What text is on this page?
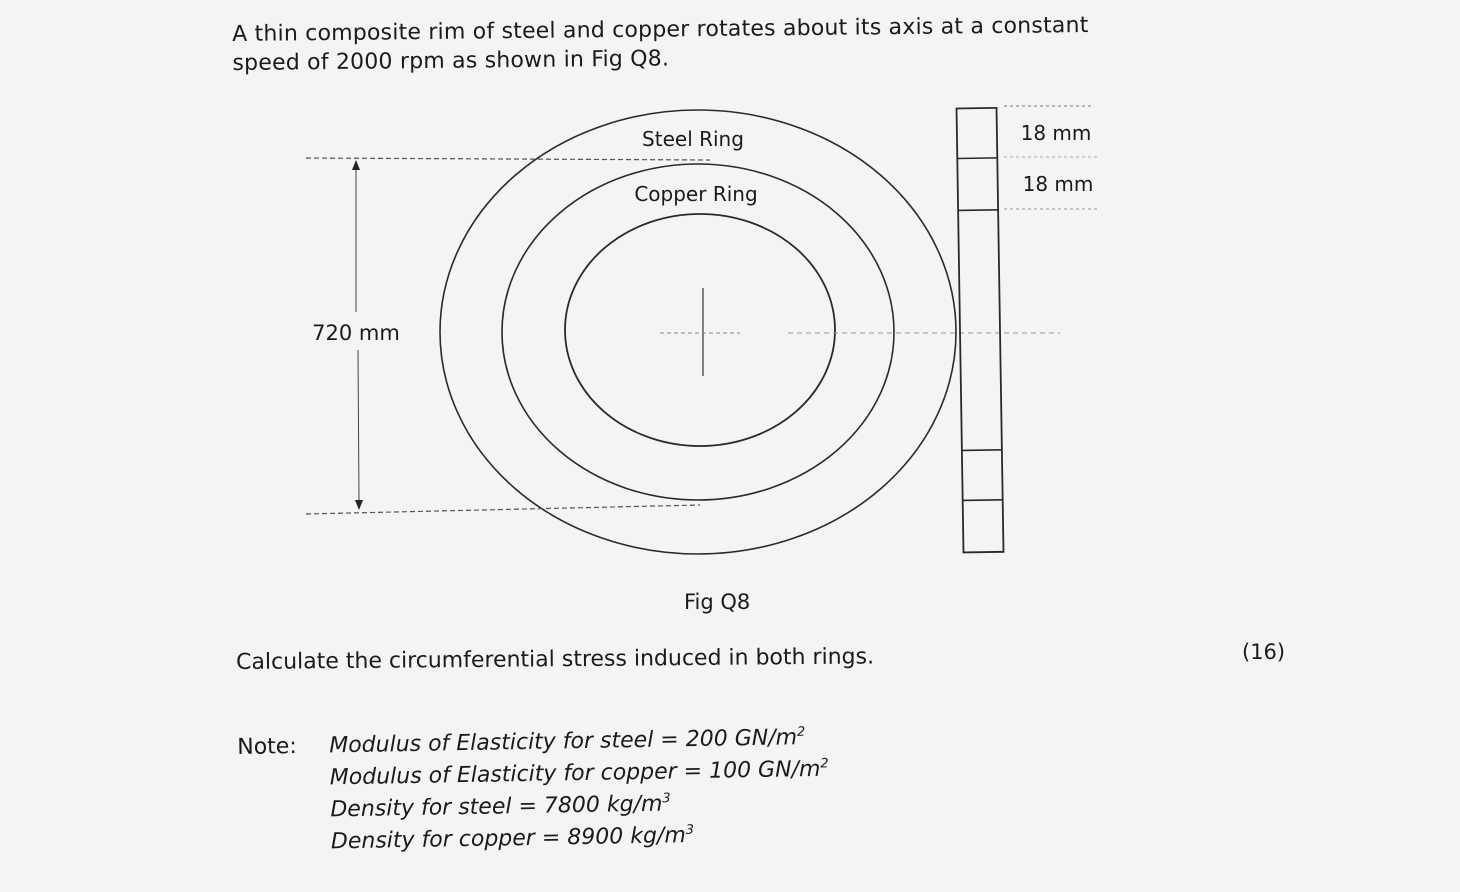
A thin composite rim of steel and copper rotates about its axis at a constant

speed of 2000 rpm as shown in Fig Q8.

720 mm
Steel Ring
Copper Ring
18 mm
18 mm
Fig Q8
Calculate the circumferential stress induced in both rings.	(16)
Note: Modulus of Elasticity for steel = 200 $GN/m^2$
Modulus of Elasticity for copper = 100 $GN/m^2$
Density for steel = 7800 $kg/m^3$
Density for copper = 8900 $kg/m^3$
